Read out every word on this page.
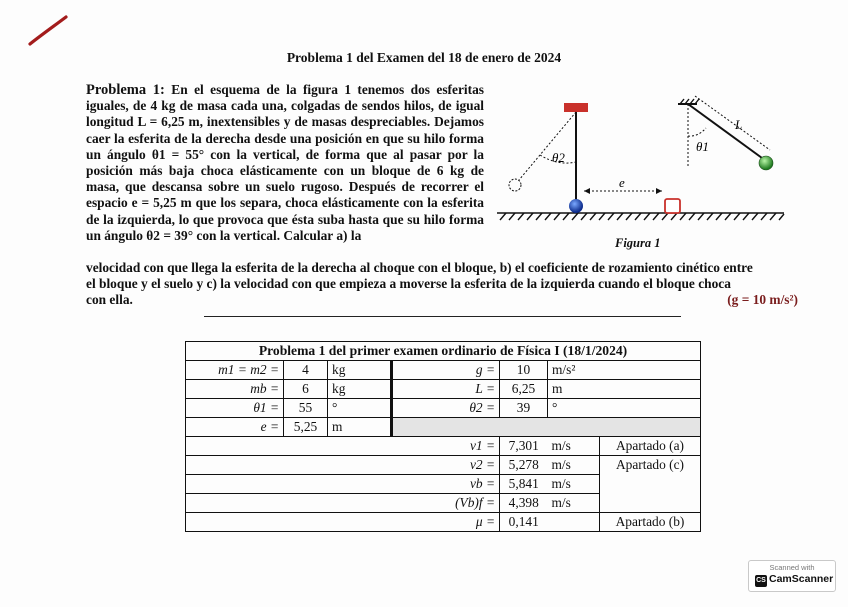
Problema 1 del Examen del 18 de enero de 2024
Problema 1: En el esquema de la figura 1 tenemos dos esferitas iguales, de 4 kg de masa cada una, colgadas de sendos hilos, de igual longitud L = 6,25 m, inextensibles y de masas despreciables. Dejamos caer la esferita de la derecha desde una posición en que su hilo forma un ángulo θ1 = 55° con la vertical, de forma que al pasar por la posición más baja choca elásticamente con un bloque de 6 kg de masa, que descansa sobre un suelo rugoso. Después de recorrer el espacio e = 5,25 m que los separa, choca elásticamente con la esferita de la izquierda, lo que provoca que ésta suba hasta que su hilo forma un ángulo θ2 = 39° con la vertical. Calcular a) la
velocidad con que llega la esferita de la derecha al choque con el bloque, b) el coeficiente de rozamiento cinético entre
el bloque y el suelo y c) la velocidad con que empieza a moverse la esferita de la izquierda cuando el bloque choca
con ella.	(g = 10 m/s²)
θ2
e
L
θ1
Figura 1
Problema 1 del primer examen ordinario de Física I (18/1/2024)						
m1 = m2 =	4	kg	g =	10	m/s²	
mb =	6	kg	L =	6,25	m	
θ1 =	55	°	θ2 =	39	°	
e =	5,25	m				
v1 =				7,301	m/s	Apartado (a)
v2 =				5,278	m/s	Apartado (c)
vb =				5,841	m/s	
(Vb)f =				4,398	m/s	
μ =				0,141		Apartado (b)
Scanned with
CS CamScanner
